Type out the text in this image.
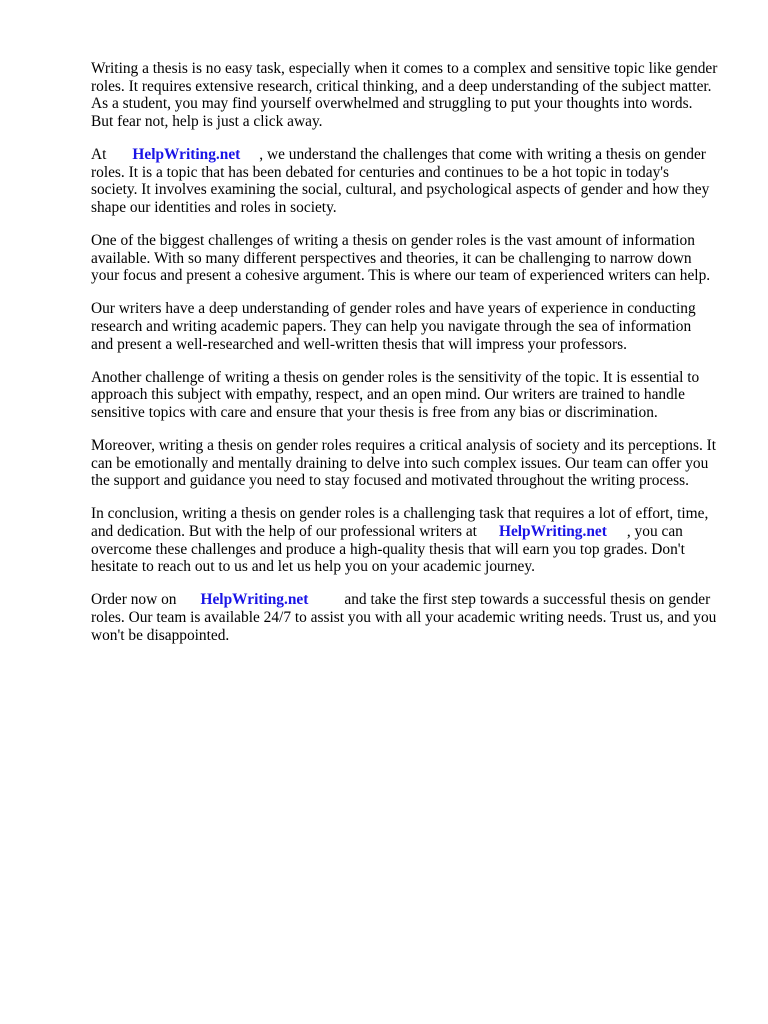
Writing a thesis is no easy task, especially when it comes to a complex and sensitive topic like gender
roles. It requires extensive research, critical thinking, and a deep understanding of the subject matter.
As a student, you may find yourself overwhelmed and struggling to put your thoughts into words.
But fear not, help is just a click away.

At HelpWriting.net , we understand the challenges that come with writing a thesis on gender
roles. It is a topic that has been debated for centuries and continues to be a hot topic in today's
society. It involves examining the social, cultural, and psychological aspects of gender and how they
shape our identities and roles in society.

One of the biggest challenges of writing a thesis on gender roles is the vast amount of information
available. With so many different perspectives and theories, it can be challenging to narrow down
your focus and present a cohesive argument. This is where our team of experienced writers can help.

Our writers have a deep understanding of gender roles and have years of experience in conducting
research and writing academic papers. They can help you navigate through the sea of information
and present a well-researched and well-written thesis that will impress your professors.

Another challenge of writing a thesis on gender roles is the sensitivity of the topic. It is essential to
approach this subject with empathy, respect, and an open mind. Our writers are trained to handle
sensitive topics with care and ensure that your thesis is free from any bias or discrimination.

Moreover, writing a thesis on gender roles requires a critical analysis of society and its perceptions. It
can be emotionally and mentally draining to delve into such complex issues. Our team can offer you
the support and guidance you need to stay focused and motivated throughout the writing process.

In conclusion, writing a thesis on gender roles is a challenging task that requires a lot of effort, time,
and dedication. But with the help of our professional writers at HelpWriting.net , you can
overcome these challenges and produce a high-quality thesis that will earn you top grades. Don't
hesitate to reach out to us and let us help you on your academic journey.

Order now on HelpWriting.net and take the first step towards a successful thesis on gender
roles. Our team is available 24/7 to assist you with all your academic writing needs. Trust us, and you
won't be disappointed.
